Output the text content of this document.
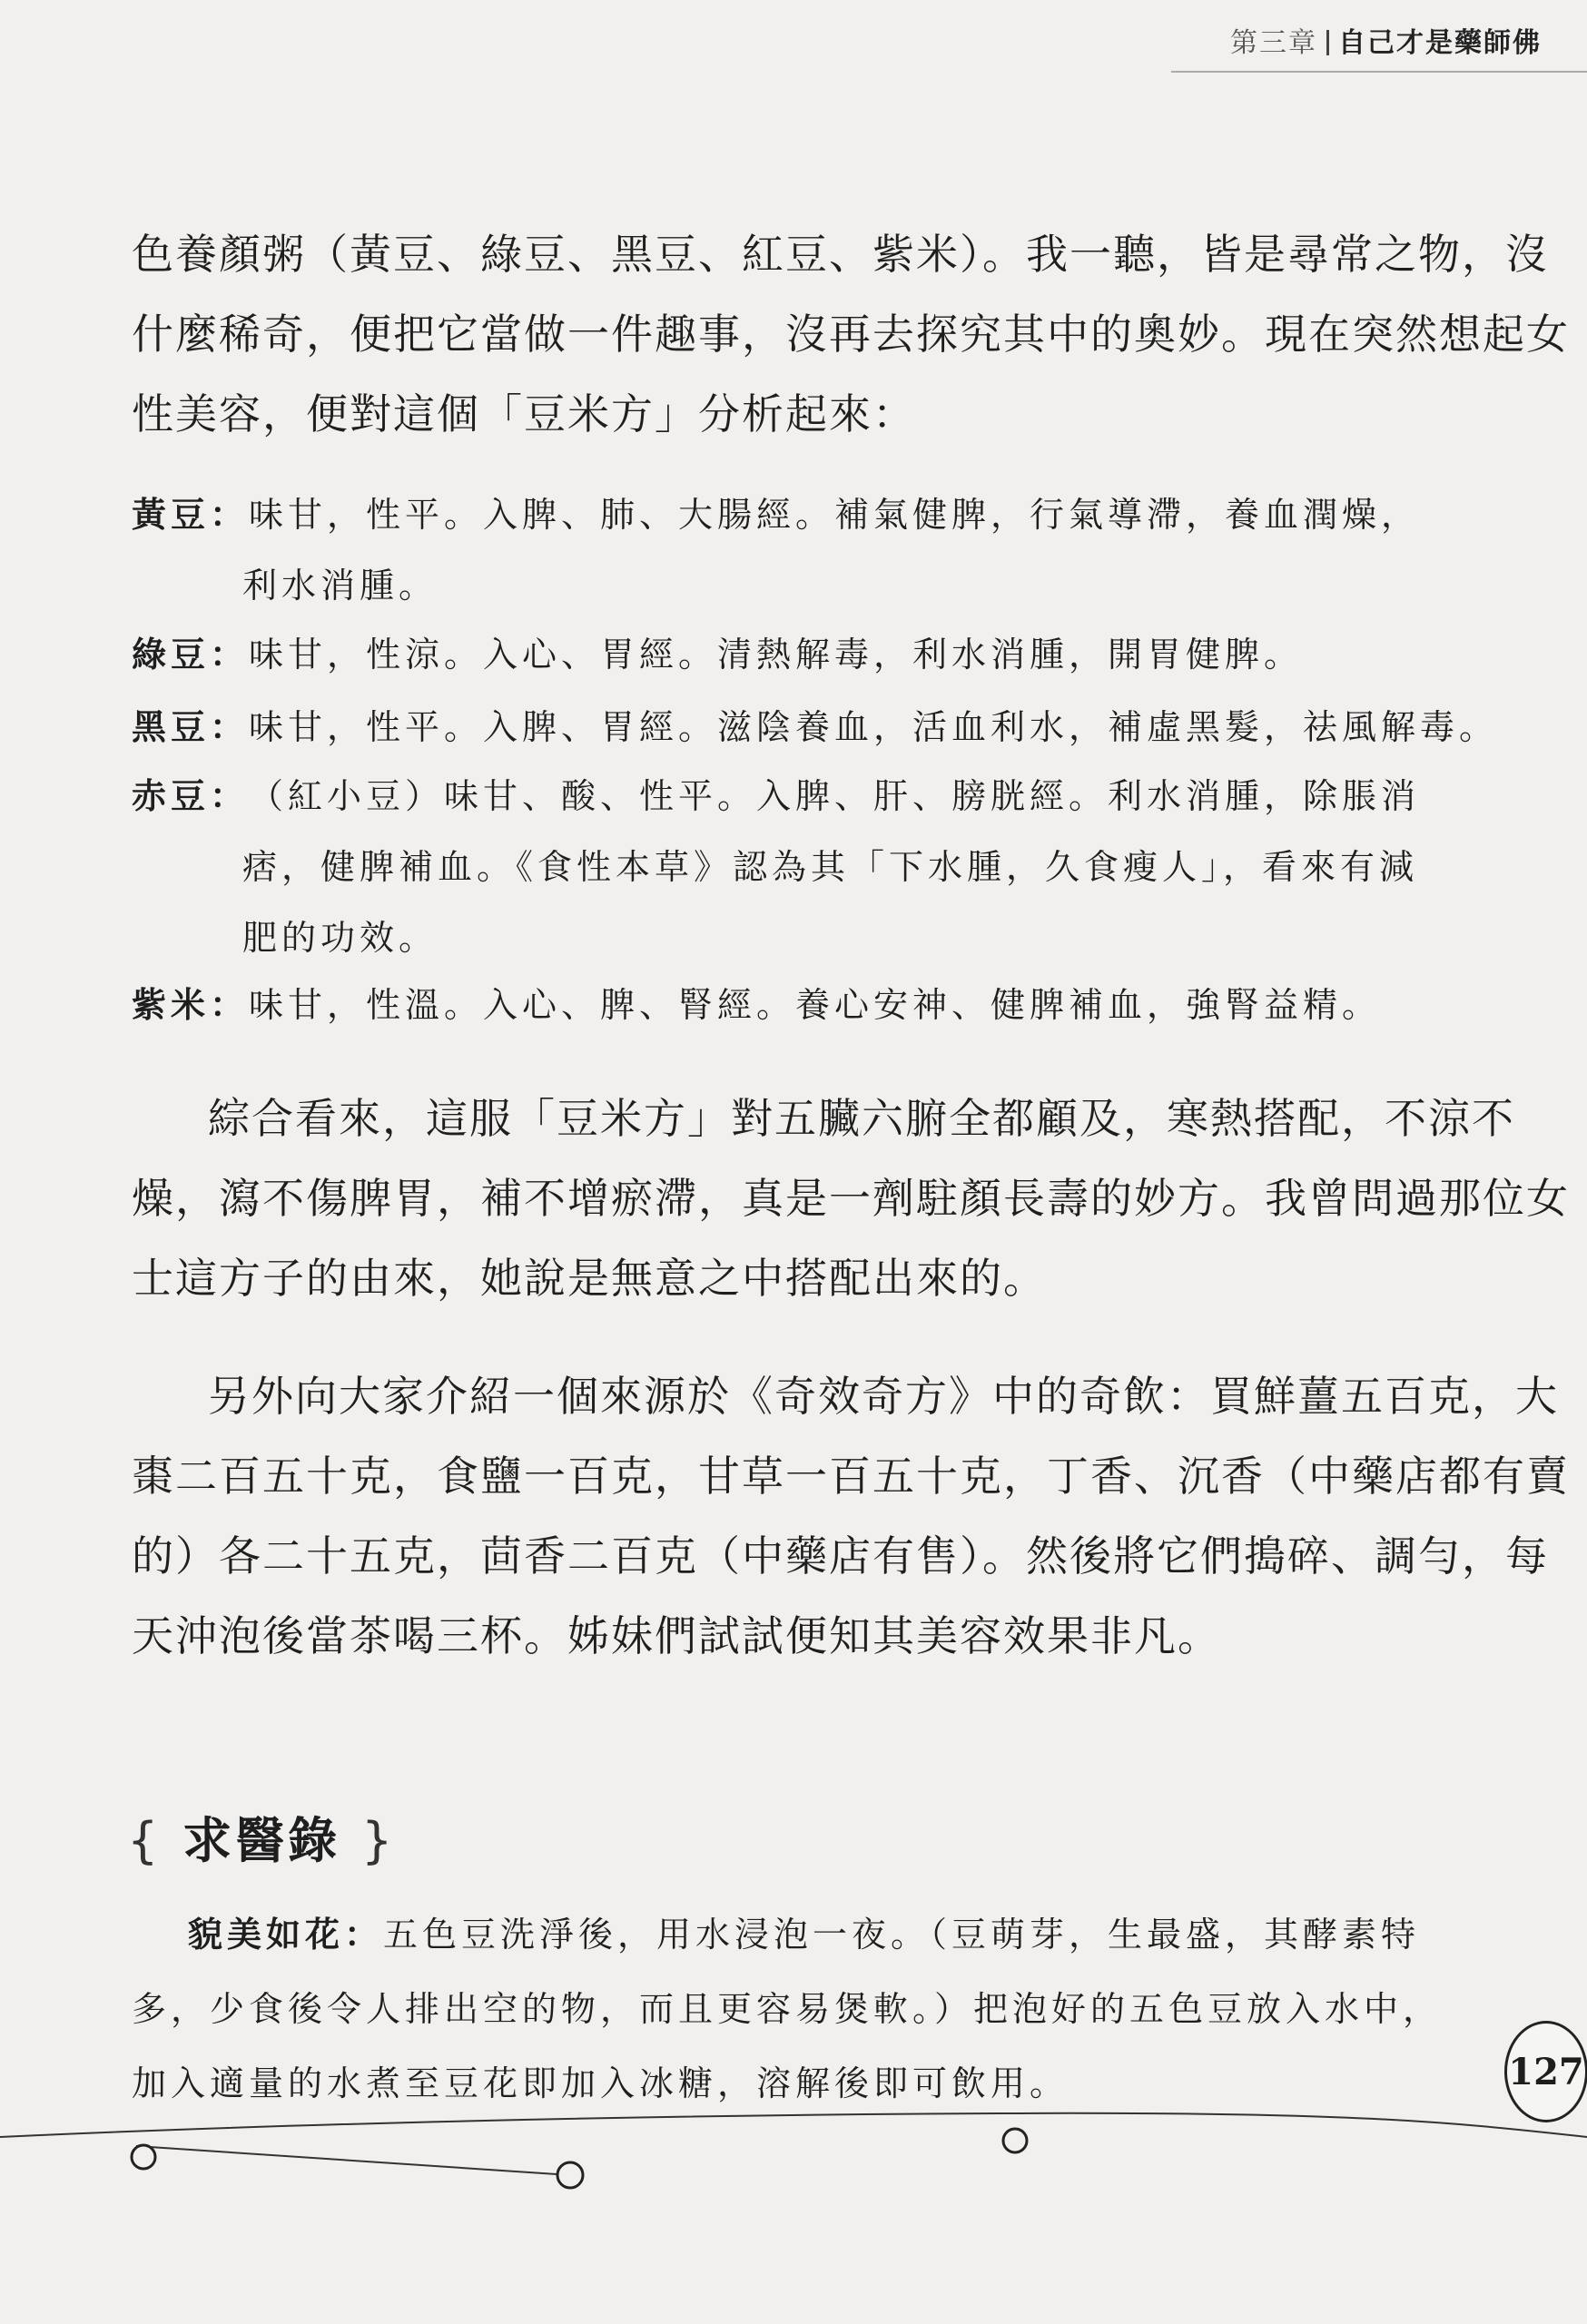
第三章 自己才是藥師佛
色養顏粥（黃豆、綠豆、黑豆、紅豆、紫米）。我一聽，皆是尋常之物，沒
什麼稀奇，便把它當做一件趣事，沒再去探究其中的奧妙。現在突然想起女
性美容，便對這個「豆米方」分析起來：
黃豆： 味甘，性平。入脾、肺、大腸經。補氣健脾，行氣導滯，養血潤燥，
利水消腫。
綠豆： 味甘，性涼。入心、胃經。清熱解毒，利水消腫，開胃健脾。
黑豆： 味甘，性平。入脾、胃經。滋陰養血，活血利水，補虛黑髮，祛風解毒。
赤豆： （紅小豆）味甘、酸、性平。入脾、肝、膀胱經。利水消腫，除脹消
痞，健脾補血。《食性本草》認為其「下水腫，久食瘦人」，看來有減
肥的功效。
紫米： 味甘，性溫。入心、脾、腎經。養心安神、健脾補血，強腎益精。
綜合看來，這服「豆米方」對五臟六腑全都顧及，寒熱搭配，不涼不
燥，瀉不傷脾胃，補不增瘀滯，真是一劑駐顏長壽的妙方。我曾問過那位女
士這方子的由來，她說是無意之中搭配出來的。
另外向大家介紹一個來源於《奇效奇方》中的奇飲：買鮮薑五百克，大
棗二百五十克，食鹽一百克，甘草一百五十克，丁香、沉香（中藥店都有賣
的）各二十五克，茴香二百克（中藥店有售）。然後將它們搗碎、調勻，每
天沖泡後當茶喝三杯。姊妹們試試便知其美容效果非凡。
{ 求醫錄 }
貌美如花：五色豆洗淨後，用水浸泡一夜。（豆萌芽，生最盛，其酵素特
多，少食後令人排出空的物，而且更容易煲軟。）把泡好的五色豆放入水中，
加入適量的水煮至豆花即加入冰糖，溶解後即可飲用。	127
